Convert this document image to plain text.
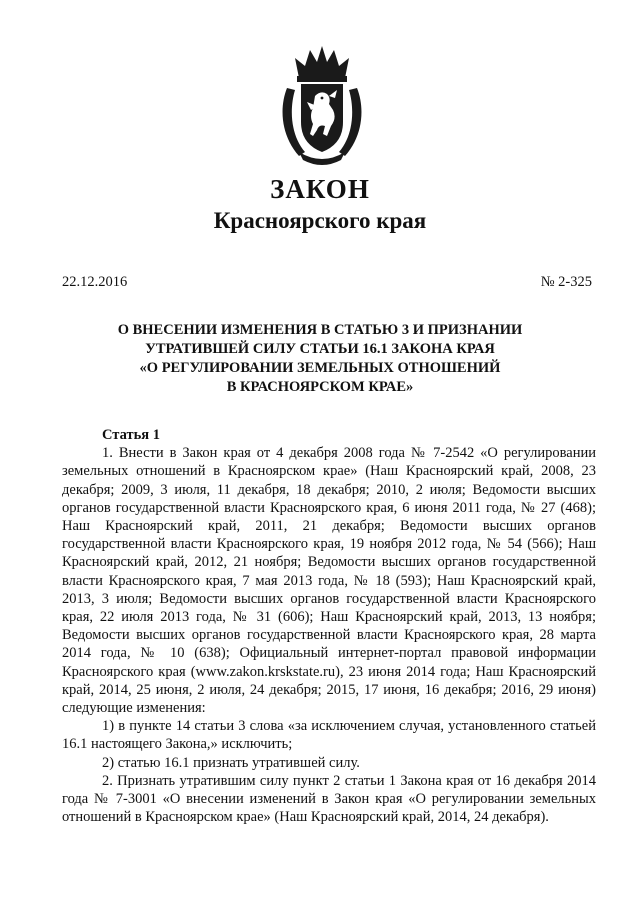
ЗАКОН
Красноярского края
22.12.2016	№ 2-325
О ВНЕСЕНИИ ИЗМЕНЕНИЯ В СТАТЬЮ 3 И ПРИЗНАНИИ
УТРАТИВШЕЙ СИЛУ СТАТЬИ 16.1 ЗАКОНА КРАЯ
«О РЕГУЛИРОВАНИИ ЗЕМЕЛЬНЫХ ОТНОШЕНИЙ
В КРАСНОЯРСКОМ КРАЕ»

Статья 1

1. Внести в Закон края от 4 декабря 2008 года № 7-2542 «О регулировании земельных отношений в Красноярском крае» (Наш Красноярский край, 2008, 23 декабря; 2009, 3 июля, 11 декабря, 18 декабря; 2010, 2 июля; Ведомости высших органов государственной власти Красноярского края, 6 июня 2011 года, № 27 (468); Наш Красноярский край, 2011, 21 декабря; Ведомости высших органов государственной власти Красноярского края, 19 ноября 2012 года, № 54 (566); Наш Красноярский край, 2012, 21 ноября; Ведомости высших органов государственной власти Красноярского края, 7 мая 2013 года, № 18 (593); Наш Красноярский край, 2013, 3 июля; Ведомости высших органов государственной власти Красноярского края, 22 июля 2013 года, № 31 (606); Наш Красноярский край, 2013, 13 ноября; Ведомости высших органов государственной власти Красноярского края, 28 марта 2014 года, № 10 (638); Официальный интернет-портал правовой информации Красноярского края (www.zakon.krskstate.ru), 23 июня 2014 года; Наш Красноярский край, 2014, 25 июня, 2 июля, 24 декабря; 2015, 17 июня, 16 декабря; 2016, 29 июня) следующие изменения:

1) в пункте 14 статьи 3 слова «за исключением случая, установленного статьей 16.1 настоящего Закона,» исключить;

2) статью 16.1 признать утратившей силу.

2. Признать утратившим силу пункт 2 статьи 1 Закона края от 16 декабря 2014 года № 7-3001 «О внесении изменений в Закон края «О регулировании земельных отношений в Красноярском крае» (Наш Красноярский край, 2014, 24 декабря).
